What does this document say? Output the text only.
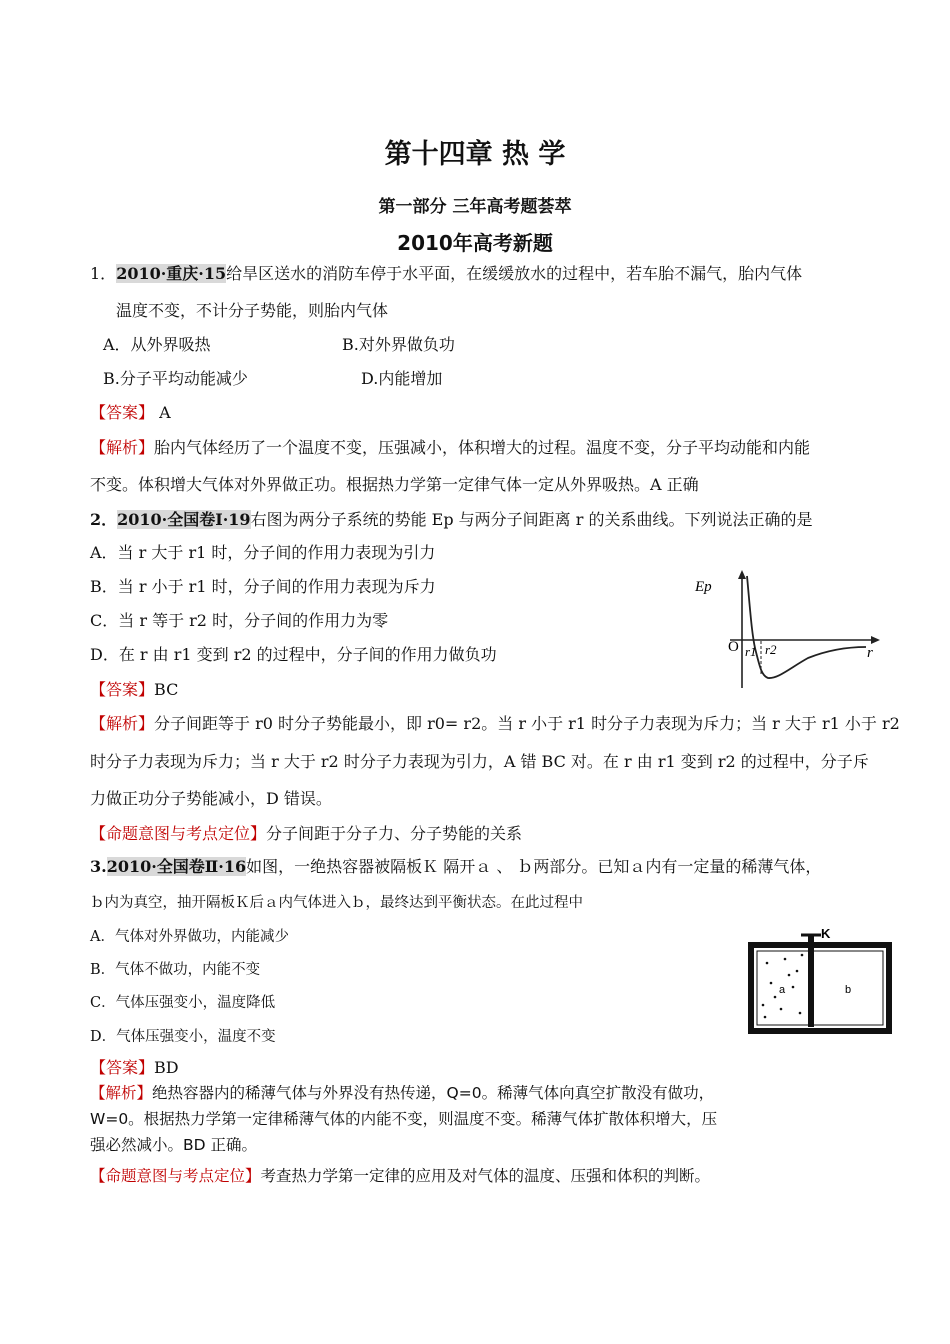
第十四章 热 学
第一部分 三年高考题荟萃
2010年高考新题
1．2010·重庆·15给旱区送水的消防车停于水平面，在缓缓放水的过程中，若车胎不漏气，胎内气体
温度不变，不计分子势能，则胎内气体
A．从外界吸热	B.对外界做负功
B.分子平均动能减少	D.内能增加
【答案】 A
【解析】胎内气体经历了一个温度不变，压强减小，体积增大的过程。温度不变，分子平均动能和内能
不变。体积增大气体对外界做正功。根据热力学第一定律气体一定从外界吸热。A 正确
2．2010·全国卷Ⅰ·19右图为两分子系统的势能 Ep 与两分子间距离 r 的关系曲线。下列说法正确的是
A．当 r 大于 r1 时，分子间的作用力表现为引力
B．当 r 小于 r1 时，分子间的作用力表现为斥力
C．当 r 等于 r2 时，分子间的作用力为零
D．在 r 由 r1 变到 r2 的过程中，分子间的作用力做负功
Ep
O r1 r2	r
【答案】BC
【解析】分子间距等于 r0 时分子势能最小，即 r0= r2。当 r 小于 r1 时分子力表现为斥力；当 r 大于 r1 小于 r2
时分子力表现为斥力；当 r 大于 r2 时分子力表现为引力，A 错 BC 对。在 r 由 r1 变到 r2 的过程中，分子斥
力做正功分子势能减小，D 错误。
【命题意图与考点定位】分子间距于分子力、分子势能的关系
3.2010·全国卷Ⅱ·16如图，一绝热容器被隔板Ｋ 隔开ａ 、 ｂ两部分。已知ａ内有一定量的稀薄气体，
ｂ内为真空，抽开隔板Ｋ后ａ内气体进入ｂ，最终达到平衡状态。在此过程中
A．气体对外界做功，内能减少
B．气体不做功，内能不变
C．气体压强变小，温度降低
D．气体压强变小，温度不变
K
a	b
【答案】BD
【解析】绝热容器内的稀薄气体与外界没有热传递，Q=0。稀薄气体向真空扩散没有做功，
W=0。根据热力学第一定律稀薄气体的内能不变，则温度不变。稀薄气体扩散体积增大，压
强必然减小。BD 正确。
【命题意图与考点定位】考查热力学第一定律的应用及对气体的温度、压强和体积的判断。
